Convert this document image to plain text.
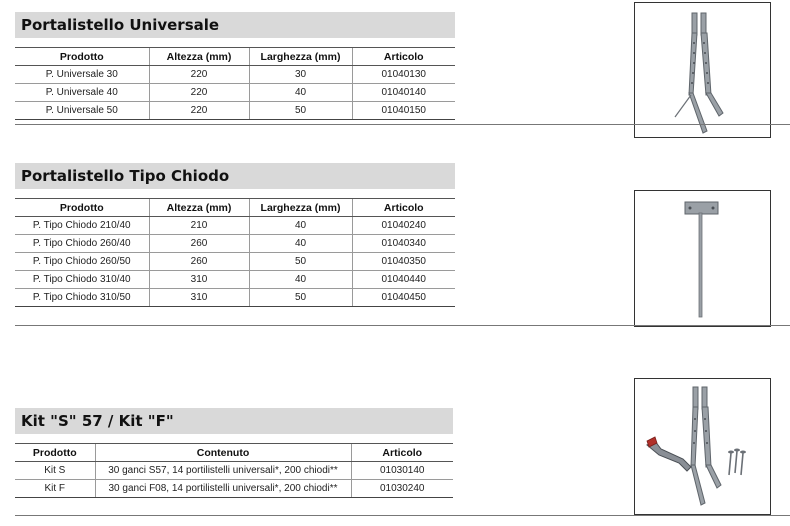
Portalistello Universale
Prodotto	Altezza (mm)	Larghezza (mm)	Articolo
P. Universale 30	220	30	01040130
P. Universale 40	220	40	01040140
P. Universale 50	220	50	01040150
Portalistello Tipo Chiodo
Prodotto	Altezza (mm)	Larghezza (mm)	Articolo
P. Tipo Chiodo 210/40	210	40	01040240
P. Tipo Chiodo 260/40	260	40	01040340
P. Tipo Chiodo 260/50	260	50	01040350
P. Tipo Chiodo 310/40	310	40	01040440
P. Tipo Chiodo 310/50	310	50	01040450
Kit "S" 57 / Kit "F"
Prodotto	Contenuto	Articolo
Kit S	30 ganci S57, 14 portilistelli universali*, 200 chiodi**	01030140
Kit F	30 ganci F08, 14 portilistelli universali*, 200 chiodi**	01030240
